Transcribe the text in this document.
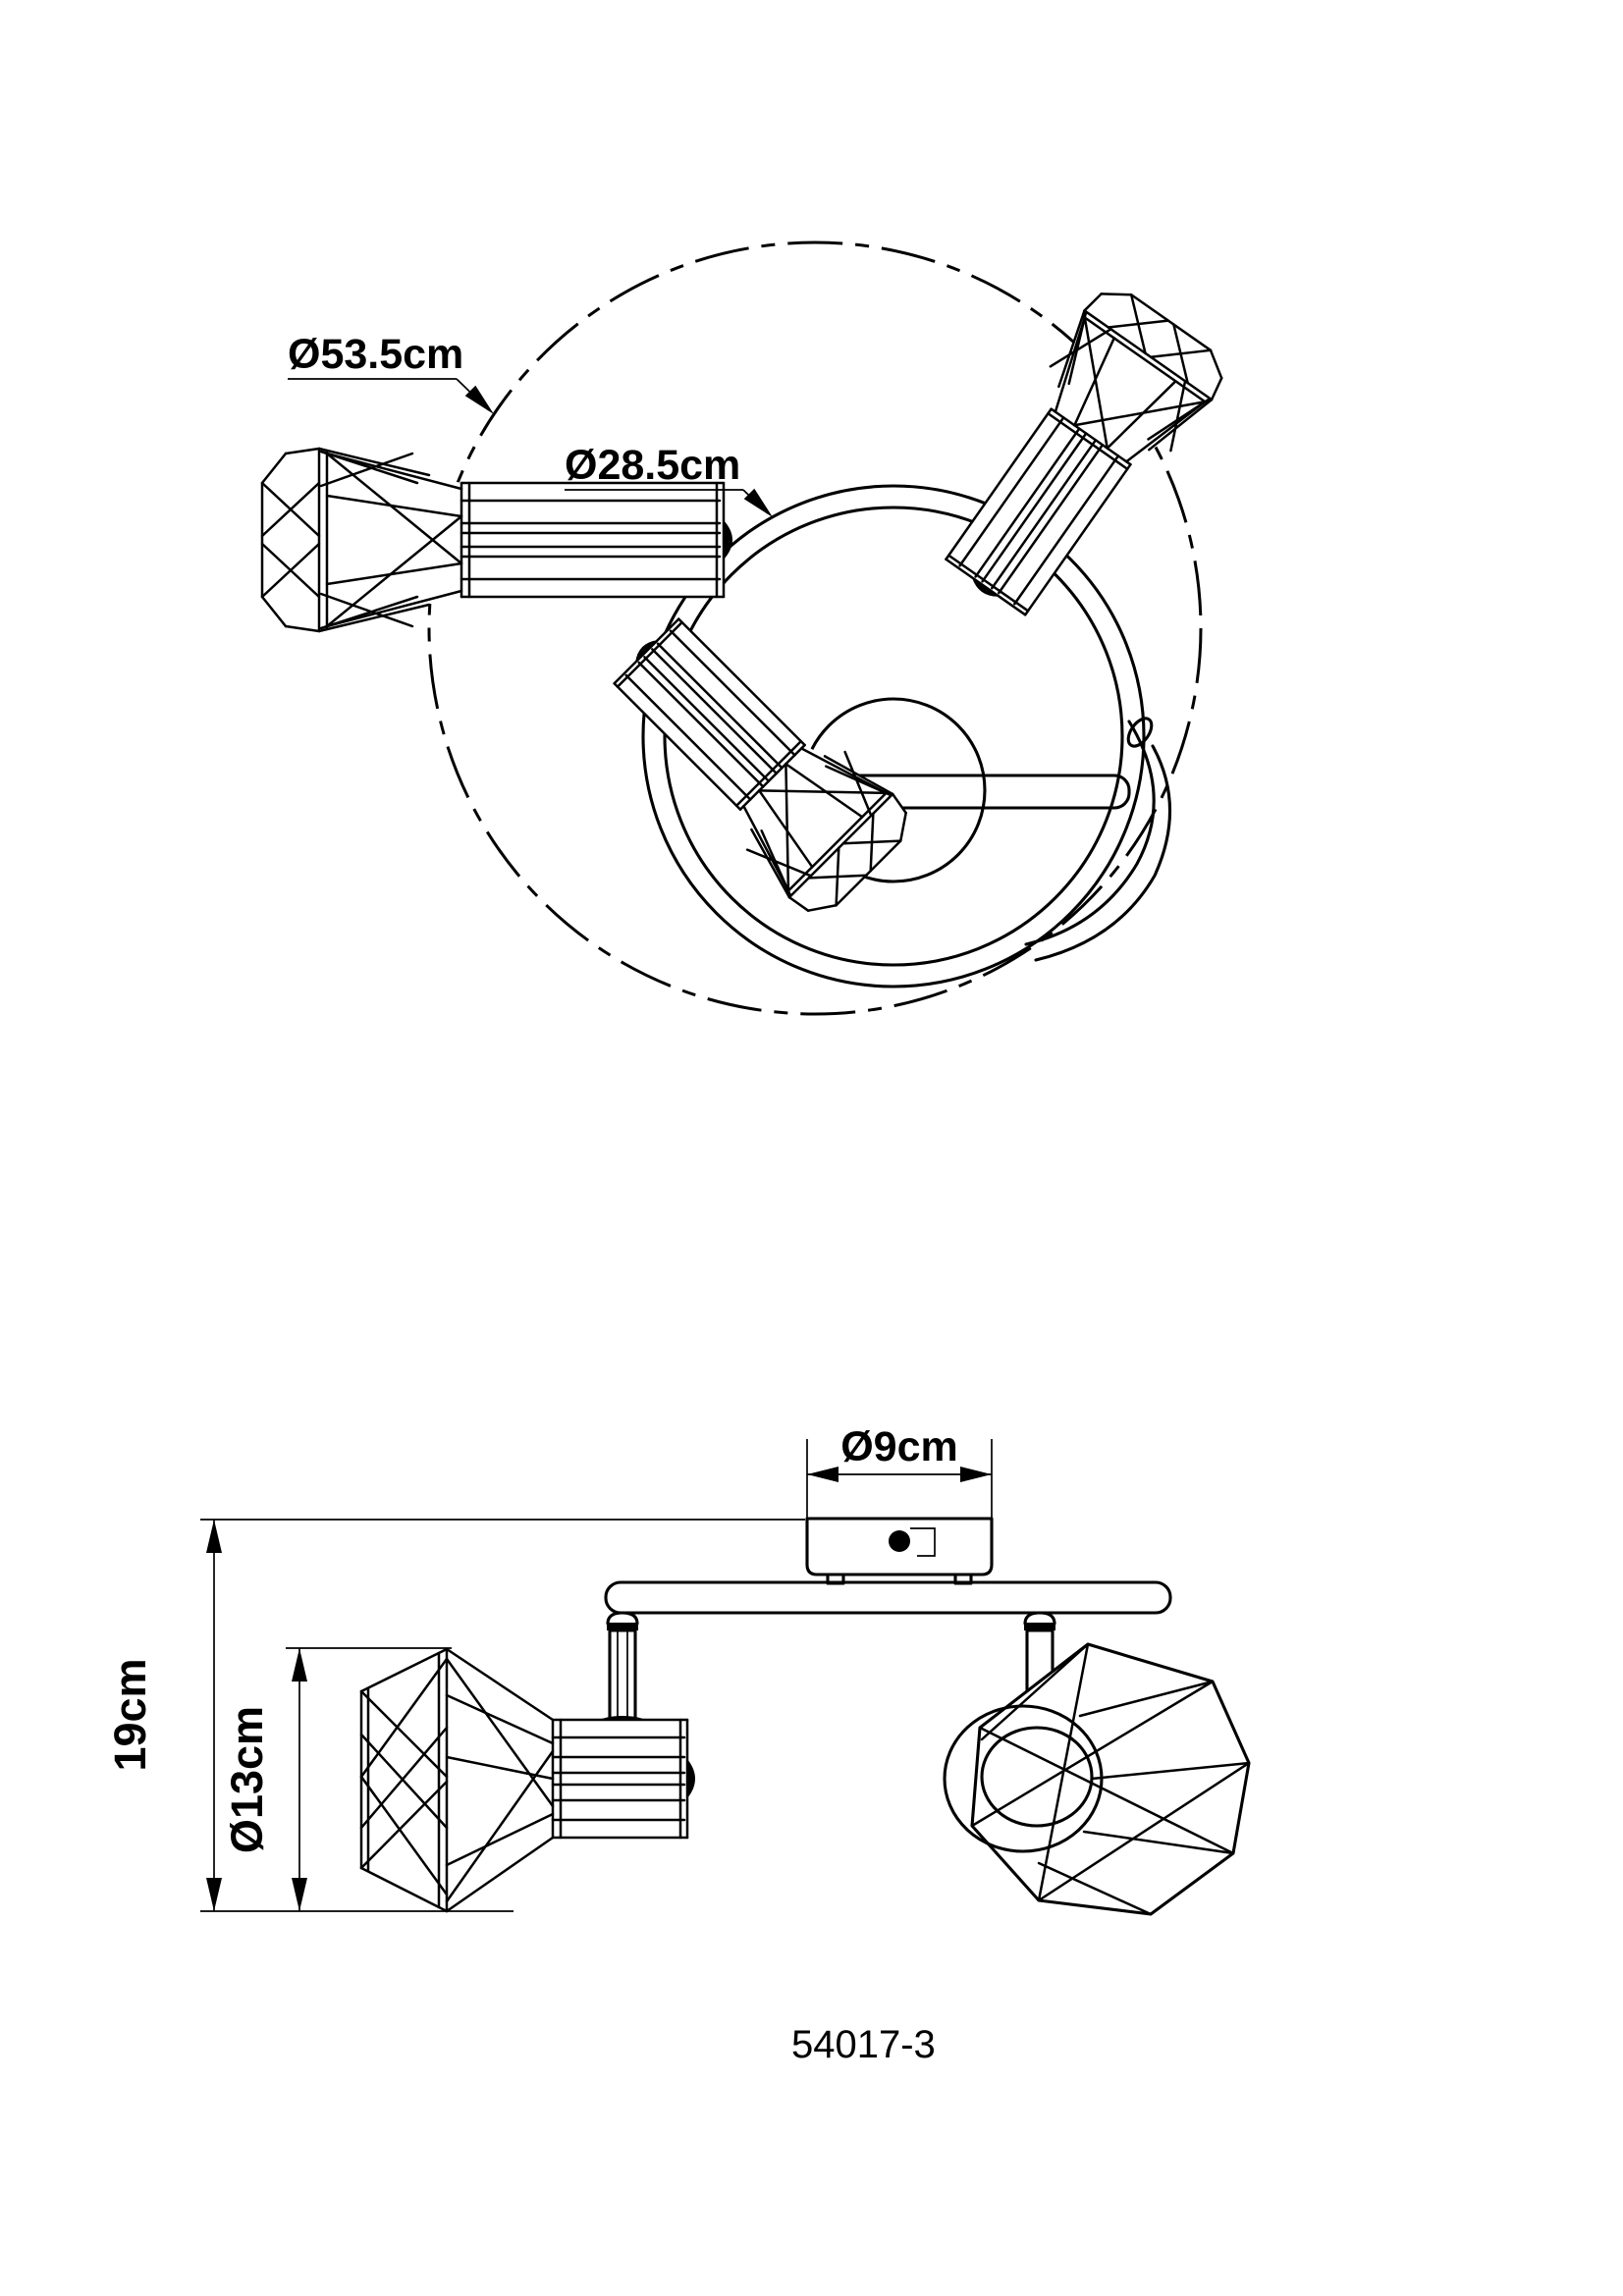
Ø53.5cm
Ø28.5cm
Ø9cm
19cm Ø13cm
54017-3
